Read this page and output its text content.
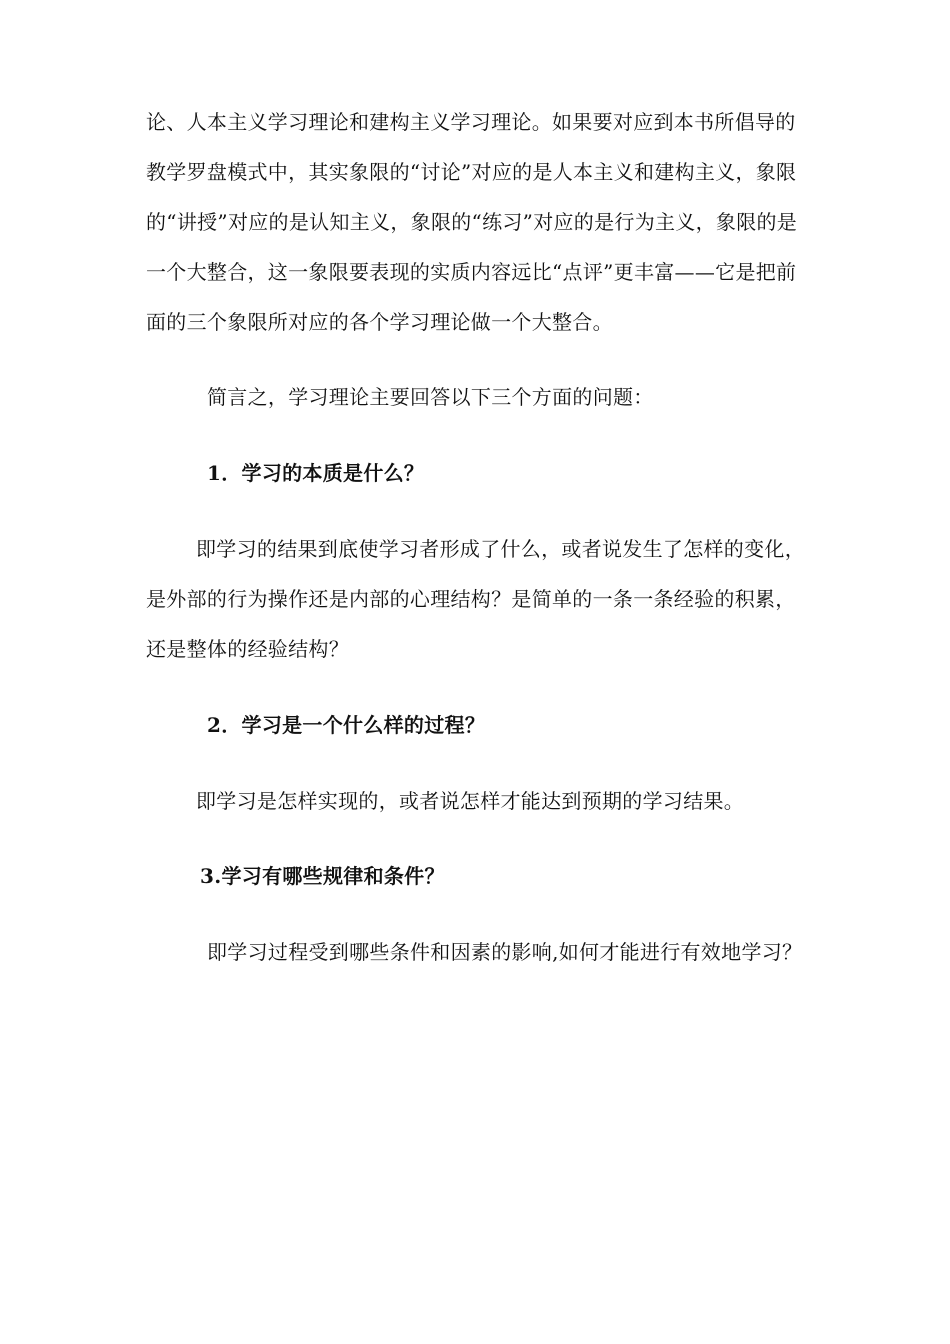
论、人本主义学习理论和建构主义学习理论。如果要对应到本书所倡导的
教学罗盘模式中，其实象限的“讨论”对应的是人本主义和建构主义，象限
的“讲授”对应的是认知主义，象限的“练习”对应的是行为主义，象限的是
一个大整合，这一象限要表现的实质内容远比“点评”更丰富——它是把前
面的三个象限所对应的各个学习理论做一个大整合。
简言之，学习理论主要回答以下三个方面的问题：
1．学习的本质是什么？
即学习的结果到底使学习者形成了什么，或者说发生了怎样的变化，
是外部的行为操作还是内部的心理结构？是简单的一条一条经验的积累，
还是整体的经验结构？
2．学习是一个什么样的过程？
即学习是怎样实现的，或者说怎样才能达到预期的学习结果。
3.学习有哪些规律和条件？
即学习过程受到哪些条件和因素的影响,如何才能进行有效地学习？
